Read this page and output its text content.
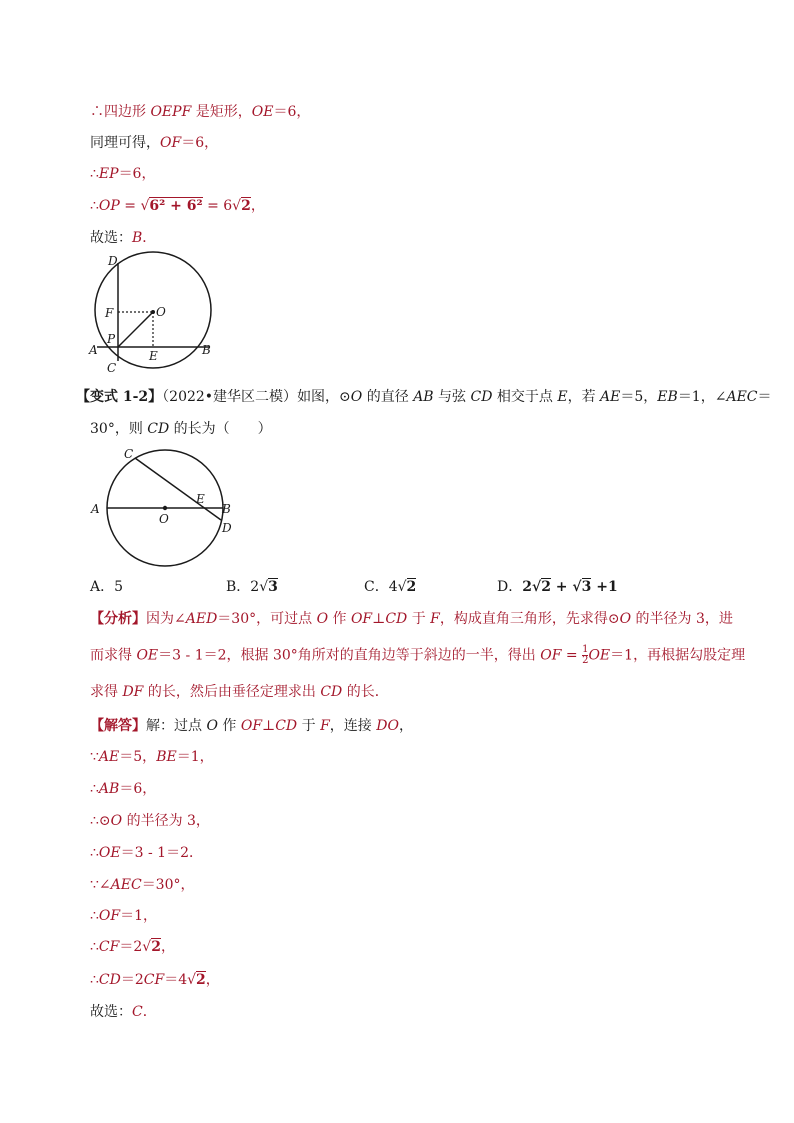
∴四边形 OEPF 是矩形，OE＝6，
同理可得，OF＝6，
∴EP＝6，
∴OP = √6² + 6² = 6√2，
故选：B．
D
F	O
P
A
C
E	B
【变式 1-2】（2022•建华区二模）如图，⊙O 的直径 AB 与弦 CD 相交于点 E，若 AE＝5，EB＝1，∠AEC＝
30°，则 CD 的长为（　　）
C
E
B
A
O
D
A．5	B．2√3	C．4√2	D．2√2 + √3 +1
【分析】因为∠AED＝30°，可过点 O 作 OF⊥CD 于 F，构成直角三角形，先求得⊙O 的半径为 3，进
而求得 OE＝3 - 1＝2，根据 30°角所对的直角边等于斜边的一半，得出 OF = $\frac{1}{2} OE=1$，再根据勾股定理
求得 DF 的长，然后由垂径定理求出 CD 的长．
【解答】解：过点 O 作 OF⊥CD 于 F，连接 DO，
∵AE＝5，BE＝1，
∴AB＝6，
∴⊙O 的半径为 3，
∴OE＝3 - 1＝2．
∵∠AEC＝30°，
∴OF＝1，
∴CF＝2√2，
∴CD＝2CF＝4√2，
故选：C．
